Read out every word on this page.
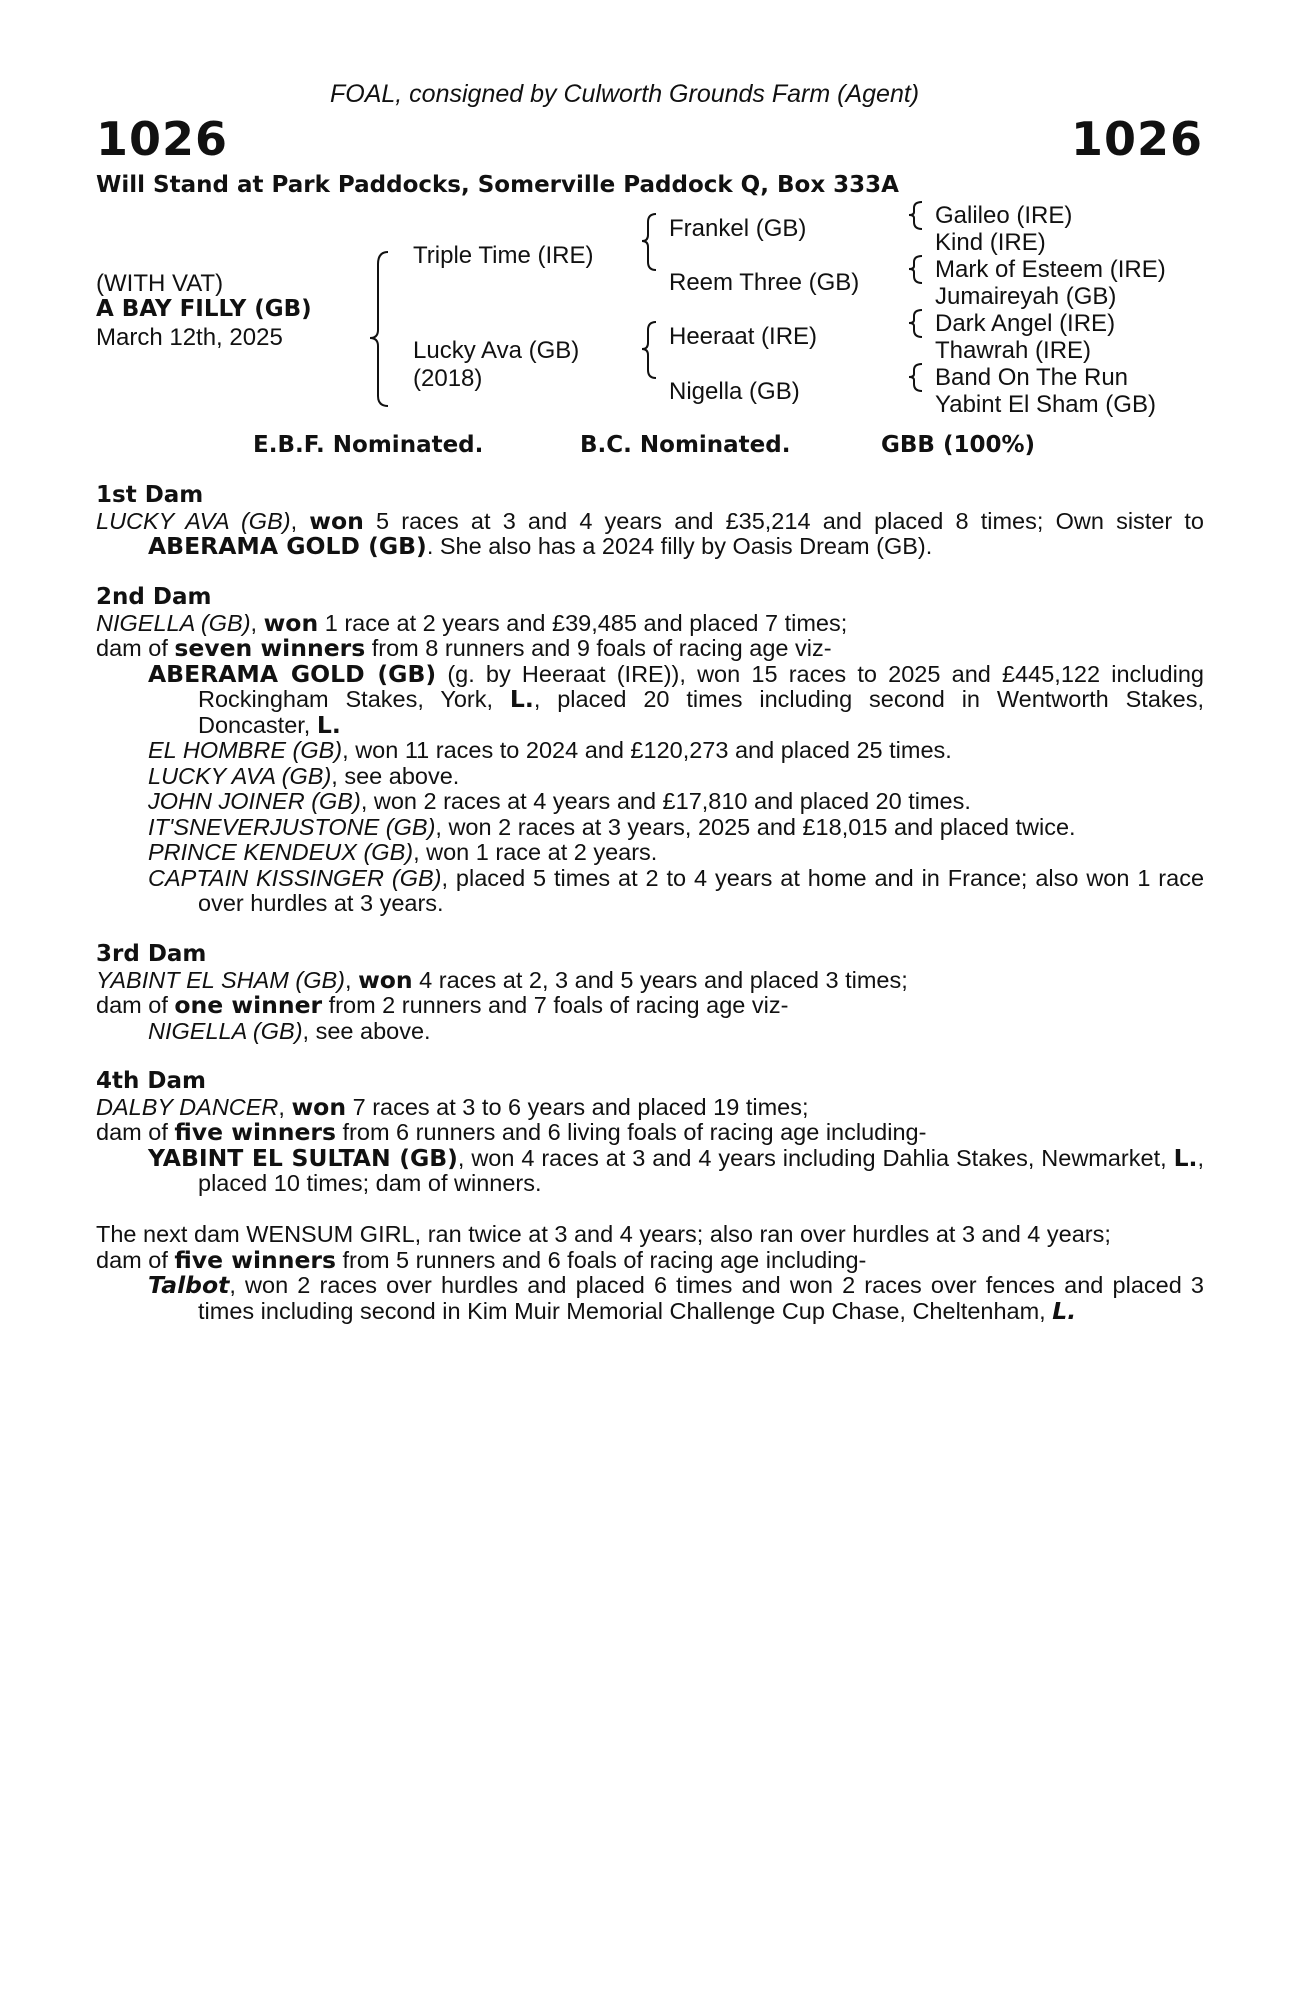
FOAL, consigned by Culworth Grounds Farm (Agent)
1026	1026
Will Stand at Park Paddocks, Somerville Paddock Q, Box 333A
(WITH VAT)
A BAY FILLY (GB)
March 12th, 2025
Triple Time (IRE)
Lucky Ava (GB)
(2018)
Frankel (GB)
Reem Three (GB)
Heeraat (IRE)
Nigella (GB)
Galileo (IRE)
Kind (IRE)
Mark of Esteem (IRE)
Jumaireyah (GB)
Dark Angel (IRE)
Thawrah (IRE)
Band On The Run
Yabint El Sham (GB)
E.B.F. Nominated.	B.C. Nominated.	GBB (100%)

1st Dam

LUCKY AVA (GB), won 5 races at 3 and 4 years and £35,214 and placed 8 times; Own sister to ABERAMA GOLD (GB). She also has a 2024 filly by Oasis Dream (GB).

2nd Dam

NIGELLA (GB), won 1 race at 2 years and £39,485 and placed 7 times;

dam of seven winners from 8 runners and 9 foals of racing age viz-

ABERAMA GOLD (GB) (g. by Heeraat (IRE)), won 15 races to 2025 and £445,122 including Rockingham Stakes, York, L., placed 20 times including second in Wentworth Stakes, Doncaster, L.

EL HOMBRE (GB), won 11 races to 2024 and £120,273 and placed 25 times.

LUCKY AVA (GB), see above.

JOHN JOINER (GB), won 2 races at 4 years and £17,810 and placed 20 times.

IT'SNEVERJUSTONE (GB), won 2 races at 3 years, 2025 and £18,015 and placed twice.

PRINCE KENDEUX (GB), won 1 race at 2 years.

CAPTAIN KISSINGER (GB), placed 5 times at 2 to 4 years at home and in France; also won 1 race over hurdles at 3 years.

3rd Dam

YABINT EL SHAM (GB), won 4 races at 2, 3 and 5 years and placed 3 times;

dam of one winner from 2 runners and 7 foals of racing age viz-

NIGELLA (GB), see above.

4th Dam

DALBY DANCER, won 7 races at 3 to 6 years and placed 19 times;

dam of five winners from 6 runners and 6 living foals of racing age including-

YABINT EL SULTAN (GB), won 4 races at 3 and 4 years including Dahlia Stakes, Newmarket, L., placed 10 times; dam of winners.

The next dam WENSUM GIRL, ran twice at 3 and 4 years; also ran over hurdles at 3 and 4 years;

dam of five winners from 5 runners and 6 foals of racing age including-

Talbot, won 2 races over hurdles and placed 6 times and won 2 races over fences and placed 3 times including second in Kim Muir Memorial Challenge Cup Chase, Cheltenham, L.
